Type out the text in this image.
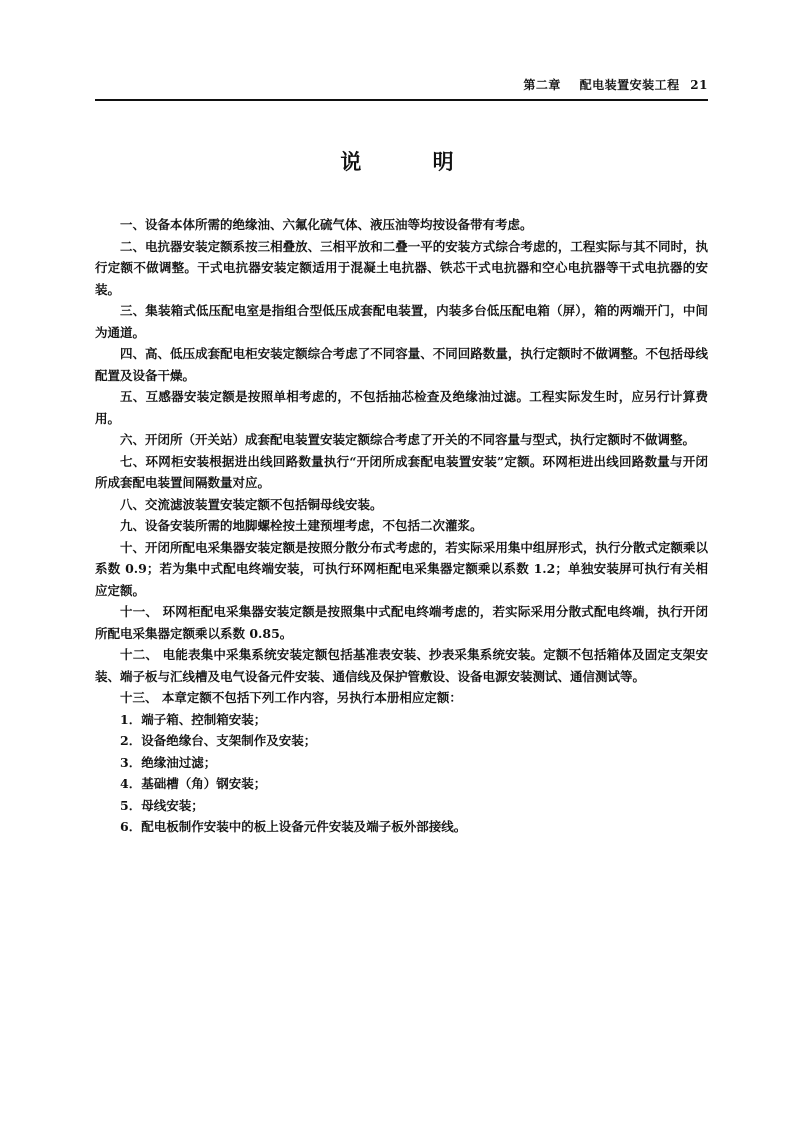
第二章 配电装置安装工程 21
说 明

一、设备本体所需的绝缘油、六氟化硫气体、液压油等均按设备带有考虑。

二、电抗器安装定额系按三相叠放、三相平放和二叠一平的安装方式综合考虑的，工程实际与其不同时，执行定额不做调整。干式电抗器安装定额适用于混凝土电抗器、铁芯干式电抗器和空心电抗器等干式电抗器的安装。

三、集装箱式低压配电室是指组合型低压成套配电装置，内装多台低压配电箱（屏），箱的两端开门，中间为通道。

四、高、低压成套配电柜安装定额综合考虑了不同容量、不同回路数量，执行定额时不做调整。不包括母线配置及设备干燥。

五、互感器安装定额是按照单相考虑的，不包括抽芯检查及绝缘油过滤。工程实际发生时，应另行计算费用。

六、开闭所（开关站）成套配电装置安装定额综合考虑了开关的不同容量与型式，执行定额时不做调整。

七、环网柜安装根据进出线回路数量执行“开闭所成套配电装置安装”定额。环网柜进出线回路数量与开闭所成套配电装置间隔数量对应。

八、交流滤波装置安装定额不包括铜母线安装。

九、设备安装所需的地脚螺栓按土建预埋考虑，不包括二次灌浆。

十、开闭所配电采集器安装定额是按照分散分布式考虑的，若实际采用集中组屏形式，执行分散式定额乘以系数 0.9；若为集中式配电终端安装，可执行环网柜配电采集器定额乘以系数 1.2；单独安装屏可执行有关相应定额。

十一、 环网柜配电采集器安装定额是按照集中式配电终端考虑的，若实际采用分散式配电终端，执行开闭所配电采集器定额乘以系数 0.85。

十二、 电能表集中采集系统安装定额包括基准表安装、抄表采集系统安装。定额不包括箱体及固定支架安装、端子板与汇线槽及电气设备元件安装、通信线及保护管敷设、设备电源安装测试、通信测试等。

十三、 本章定额不包括下列工作内容，另执行本册相应定额：

1．端子箱、控制箱安装；

2．设备绝缘台、支架制作及安装；

3．绝缘油过滤；

4．基础槽（角）钢安装；

5．母线安装；

6．配电板制作安装中的板上设备元件安装及端子板外部接线。
